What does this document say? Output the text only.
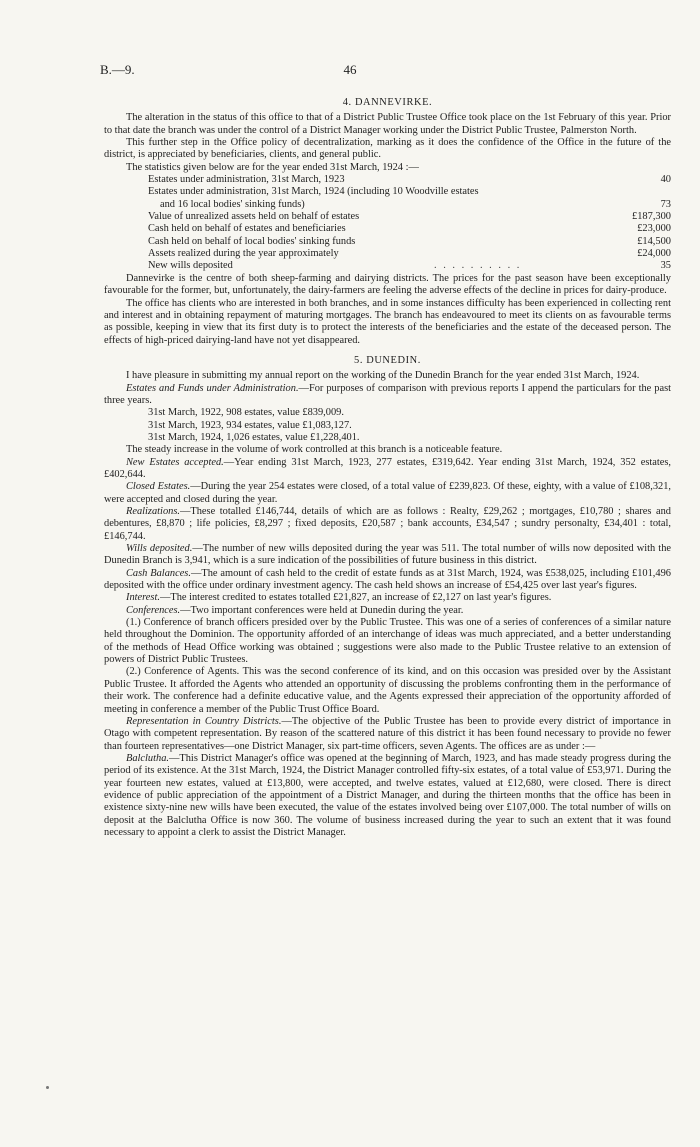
B.—9.	46
4. DANNEVIRKE.

The alteration in the status of this office to that of a District Public Trustee Office took place on the 1st February of this year. Prior to that date the branch was under the control of a District Manager working under the District Public Trustee, Palmerston North.

This further step in the Office policy of decentralization, marking as it does the confidence of the Office in the future of the district, is appreciated by beneficiaries, clients, and general public.

The statistics given below are for the year ended 31st March, 1924 :—

Estates under administration, 31st March, 1923	40
Estates under administration, 31st March, 1924 (including 10 Woodville estates
and 16 local bodies' sinking funds)	73
Value of unrealized assets held on behalf of estates	£187,300
Cash held on behalf of estates and beneficiaries	£23,000
Cash held on behalf of local bodies' sinking funds	£14,500
Assets realized during the year approximately	£24,000
New wills deposited	. . . . . . . . . .	35

Dannevirke is the centre of both sheep-farming and dairying districts. The prices for the past season have been exceptionally favourable for the former, but, unfortunately, the dairy-farmers are feeling the adverse effects of the decline in prices for dairy-produce.

The office has clients who are interested in both branches, and in some instances difficulty has been experienced in collecting rent and interest and in obtaining repayment of maturing mortgages. The branch has endeavoured to meet its clients on as favourable terms as possible, keeping in view that its first duty is to protect the interests of the beneficiaries and the estate of the deceased person. The effects of high-priced dairying-land have not yet disappeared.

5. DUNEDIN.

I have pleasure in submitting my annual report on the working of the Dunedin Branch for the year ended 31st March, 1924.

Estates and Funds under Administration.—For purposes of comparison with previous reports I append the particulars for the past three years.

31st March, 1922, 908 estates, value £839,009.
31st March, 1923, 934 estates, value £1,083,127.
31st March, 1924, 1,026 estates, value £1,228,401.

The steady increase in the volume of work controlled at this branch is a noticeable feature.

New Estates accepted.—Year ending 31st March, 1923, 277 estates, £319,642. Year ending 31st March, 1924, 352 estates, £402,644.

Closed Estates.—During the year 254 estates were closed, of a total value of £239,823. Of these, eighty, with a value of £108,321, were accepted and closed during the year.

Realizations.—These totalled £146,744, details of which are as follows : Realty, £29,262 ; mortgages, £10,780 ; shares and debentures, £8,870 ; life policies, £8,297 ; fixed deposits, £20,587 ; bank accounts, £34,547 ; sundry personalty, £34,401 : total, £146,744.

Wills deposited.—The number of new wills deposited during the year was 511. The total number of wills now deposited with the Dunedin Branch is 3,941, which is a sure indication of the possibilities of future business in this district.

Cash Balances.—The amount of cash held to the credit of estate funds as at 31st March, 1924, was £538,025, including £101,496 deposited with the office under ordinary investment agency. The cash held shows an increase of £54,425 over last year's figures.

Interest.—The interest credited to estates totalled £21,827, an increase of £2,127 on last year's figures.

Conferences.—Two important conferences were held at Dunedin during the year.

(1.) Conference of branch officers presided over by the Public Trustee. This was one of a series of conferences of a similar nature held throughout the Dominion. The opportunity afforded of an interchange of ideas was much appreciated, and a better understanding of the methods of Head Office working was obtained ; suggestions were also made to the Public Trustee relative to an extension of powers of District Public Trustees.

(2.) Conference of Agents. This was the second conference of its kind, and on this occasion was presided over by the Assistant Public Trustee. It afforded the Agents who attended an opportunity of discussing the problems confronting them in the performance of their work. The conference had a definite educative value, and the Agents expressed their appreciation of the opportunity afforded of meeting in conference a member of the Public Trust Office Board.

Representation in Country Districts.—The objective of the Public Trustee has been to provide every district of importance in Otago with competent representation. By reason of the scattered nature of this district it has been found necessary to provide no fewer than fourteen representatives—one District Manager, six part-time officers, seven Agents. The offices are as under :—

Balclutha.—This District Manager's office was opened at the beginning of March, 1923, and has made steady progress during the period of its existence. At the 31st March, 1924, the District Manager controlled fifty-six estates, of a total value of £53,971. During the year fourteen new estates, valued at £13,800, were accepted, and twelve estates, valued at £12,680, were closed. There is direct evidence of public appreciation of the appointment of a District Manager, and during the thirteen months that the office has been in existence sixty-nine new wills have been executed, the value of the estates involved being over £107,000. The total number of wills on deposit at the Balclutha Office is now 360. The volume of business increased during the year to such an extent that it was found necessary to appoint a clerk to assist the District Manager.
